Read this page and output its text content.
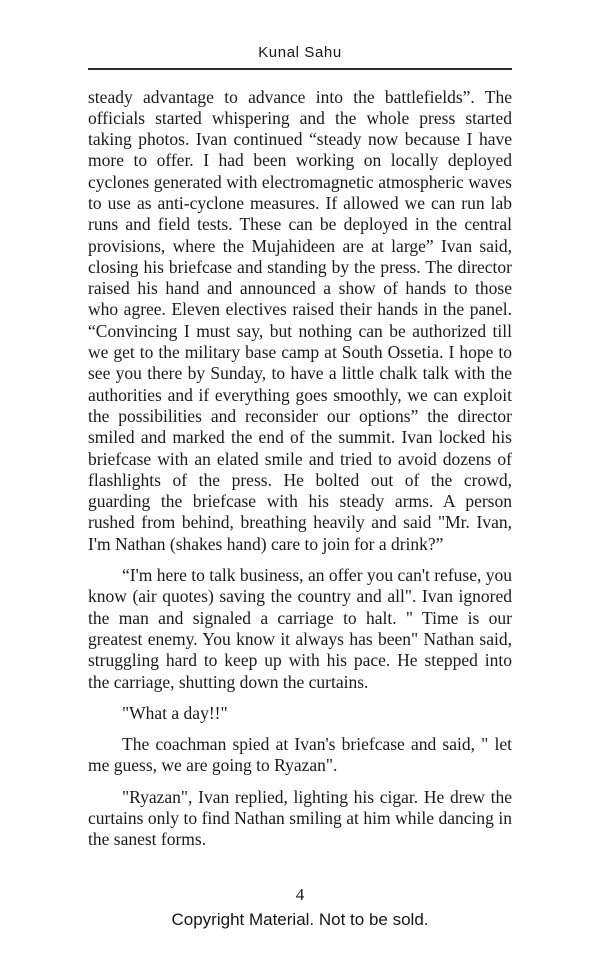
Kunal Sahu

steady advantage to advance into the battlefields”. The officials started whispering and the whole press started taking photos. Ivan continued “steady now because I have more to offer. I had been working on locally deployed cyclones generated with electromagnetic atmospheric waves to use as anti-cyclone measures. If allowed we can run lab runs and field tests. These can be deployed in the central provisions, where the Mujahideen are at large” Ivan said, closing his briefcase and standing by the press. The director raised his hand and announced a show of hands to those who agree. Eleven electives raised their hands in the panel. “Convincing I must say, but nothing can be authorized till we get to the military base camp at South Ossetia. I hope to see you there by Sunday, to have a little chalk talk with the authorities and if everything goes smoothly, we can exploit the possibilities and reconsider our options” the director smiled and marked the end of the summit. Ivan locked his briefcase with an elated smile and tried to avoid dozens of flashlights of the press. He bolted out of the crowd, guarding the briefcase with his steady arms. A person rushed from behind, breathing heavily and said "Mr. Ivan, I'm Nathan (shakes hand) care to join for a drink?”

“I'm here to talk business, an offer you can't refuse, you know (air quotes) saving the country and all". Ivan ignored the man and signaled a carriage to halt. " Time is our greatest enemy. You know it always has been" Nathan said, struggling hard to keep up with his pace. He stepped into the carriage, shutting down the curtains.

"What a day!!"

The coachman spied at Ivan's briefcase and said, " let me guess, we are going to Ryazan".

"Ryazan", Ivan replied, lighting his cigar. He drew the curtains only to find Nathan smiling at him while dancing in the sanest forms.

4
Copyright Material. Not to be sold.
